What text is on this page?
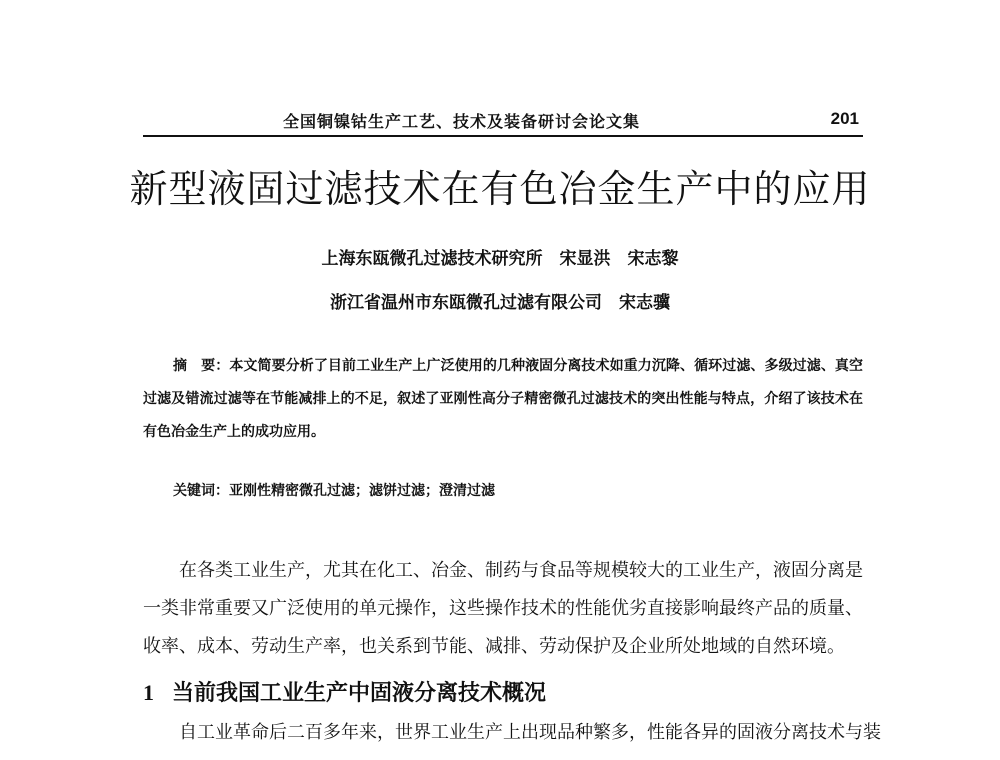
全国铜镍钴生产工艺、技术及装备研讨会论文集	201
新型液固过滤技术在有色冶金生产中的应用
上海东瓯微孔过滤技术研究所　宋显洪　宋志黎
浙江省温州市东瓯微孔过滤有限公司　宋志骥
摘　要：本文简要分析了目前工业生产上广泛使用的几种液固分离技术如重力沉降、循环过滤、多级过滤、真空过滤及错流过滤等在节能减排上的不足，叙述了亚刚性高分子精密微孔过滤技术的突出性能与特点，介绍了该技术在有色冶金生产上的成功应用。
关键词：亚刚性精密微孔过滤；滤饼过滤；澄清过滤
在各类工业生产，尤其在化工、冶金、制药与食品等规模较大的工业生产，液固分离是一类非常重要又广泛使用的单元操作，这些操作技术的性能优劣直接影响最终产品的质量、收率、成本、劳动生产率，也关系到节能、减排、劳动保护及企业所处地域的自然环境。
1 当前我国工业生产中固液分离技术概况
自工业革命后二百多年来，世界工业生产上出现品种繁多，性能各异的固液分离技术与装
